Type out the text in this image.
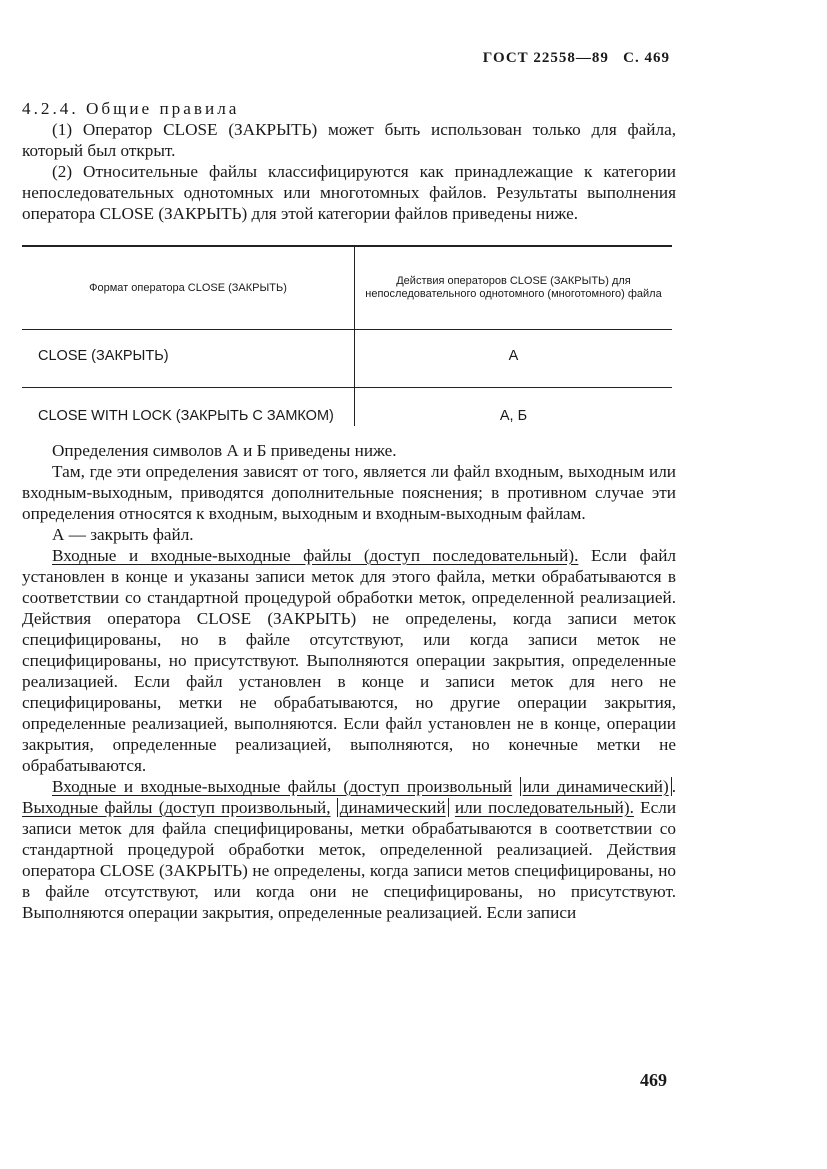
ГОСТ 22558—89 С. 469

4.2.4. Общие правила

(1) Оператор CLOSE (ЗАКРЫТЬ) может быть использован только для файла, который был открыт.

(2) Относительные файлы классифицируются как принадлежащие к категории непоследовательных однотомных или многотомных файлов. Результаты выполнения оператора CLOSE (ЗАКРЫТЬ) для этой категории файлов приведены ниже.

Формат оператора CLOSE (ЗАКРЫТЬ)	Действия операторов CLOSE (ЗАКРЫТЬ) для непоследовательного однотомного (многотомного) файла
CLOSE (ЗАКРЫТЬ)	A
CLOSE WITH LOCK (ЗАКРЫТЬ С ЗАМКОМ)	A, Б

Определения символов А и Б приведены ниже.

Там, где эти определения зависят от того, является ли файл входным, выходным или входным-выходным, приводятся дополнительные пояснения; в противном случае эти определения относятся к входным, выходным и входным-выходным файлам.

А — закрыть файл.

Входные и входные-выходные файлы (доступ последовательный). Если файл установлен в конце и указаны записи меток для этого файла, метки обрабатываются в соответствии со стандартной процедурой обработки меток, определенной реализацией. Действия оператора CLOSE (ЗАКРЫТЬ) не определены, когда записи меток специфицированы, но в файле отсутствуют, или когда записи меток не специфицированы, но присутствуют. Выполняются операции закрытия, определенные реализацией. Если файл установлен в конце и записи меток для него не специфицированы, метки не обрабатываются, но другие операции закрытия, определенные реализацией, выполняются. Если файл установлен не в конце, операции закрытия, определенные реализацией, выполняются, но конечные метки не обрабатываются.

Входные и входные-выходные файлы (доступ произвольный или динамический) . Выходные файлы (доступ произвольный, динамический или последовательный). Если записи меток для файла специфицированы, метки обрабатываются в соответствии со стандартной процедурой обработки меток, определенной реализацией. Действия оператора CLOSE (ЗАКРЫТЬ) не определены, когда записи метов специфицированы, но в файле отсутствуют, или когда они не специфицированы, но присутствуют. Выполняются операции закрытия, определенные реализацией. Если записи

469
